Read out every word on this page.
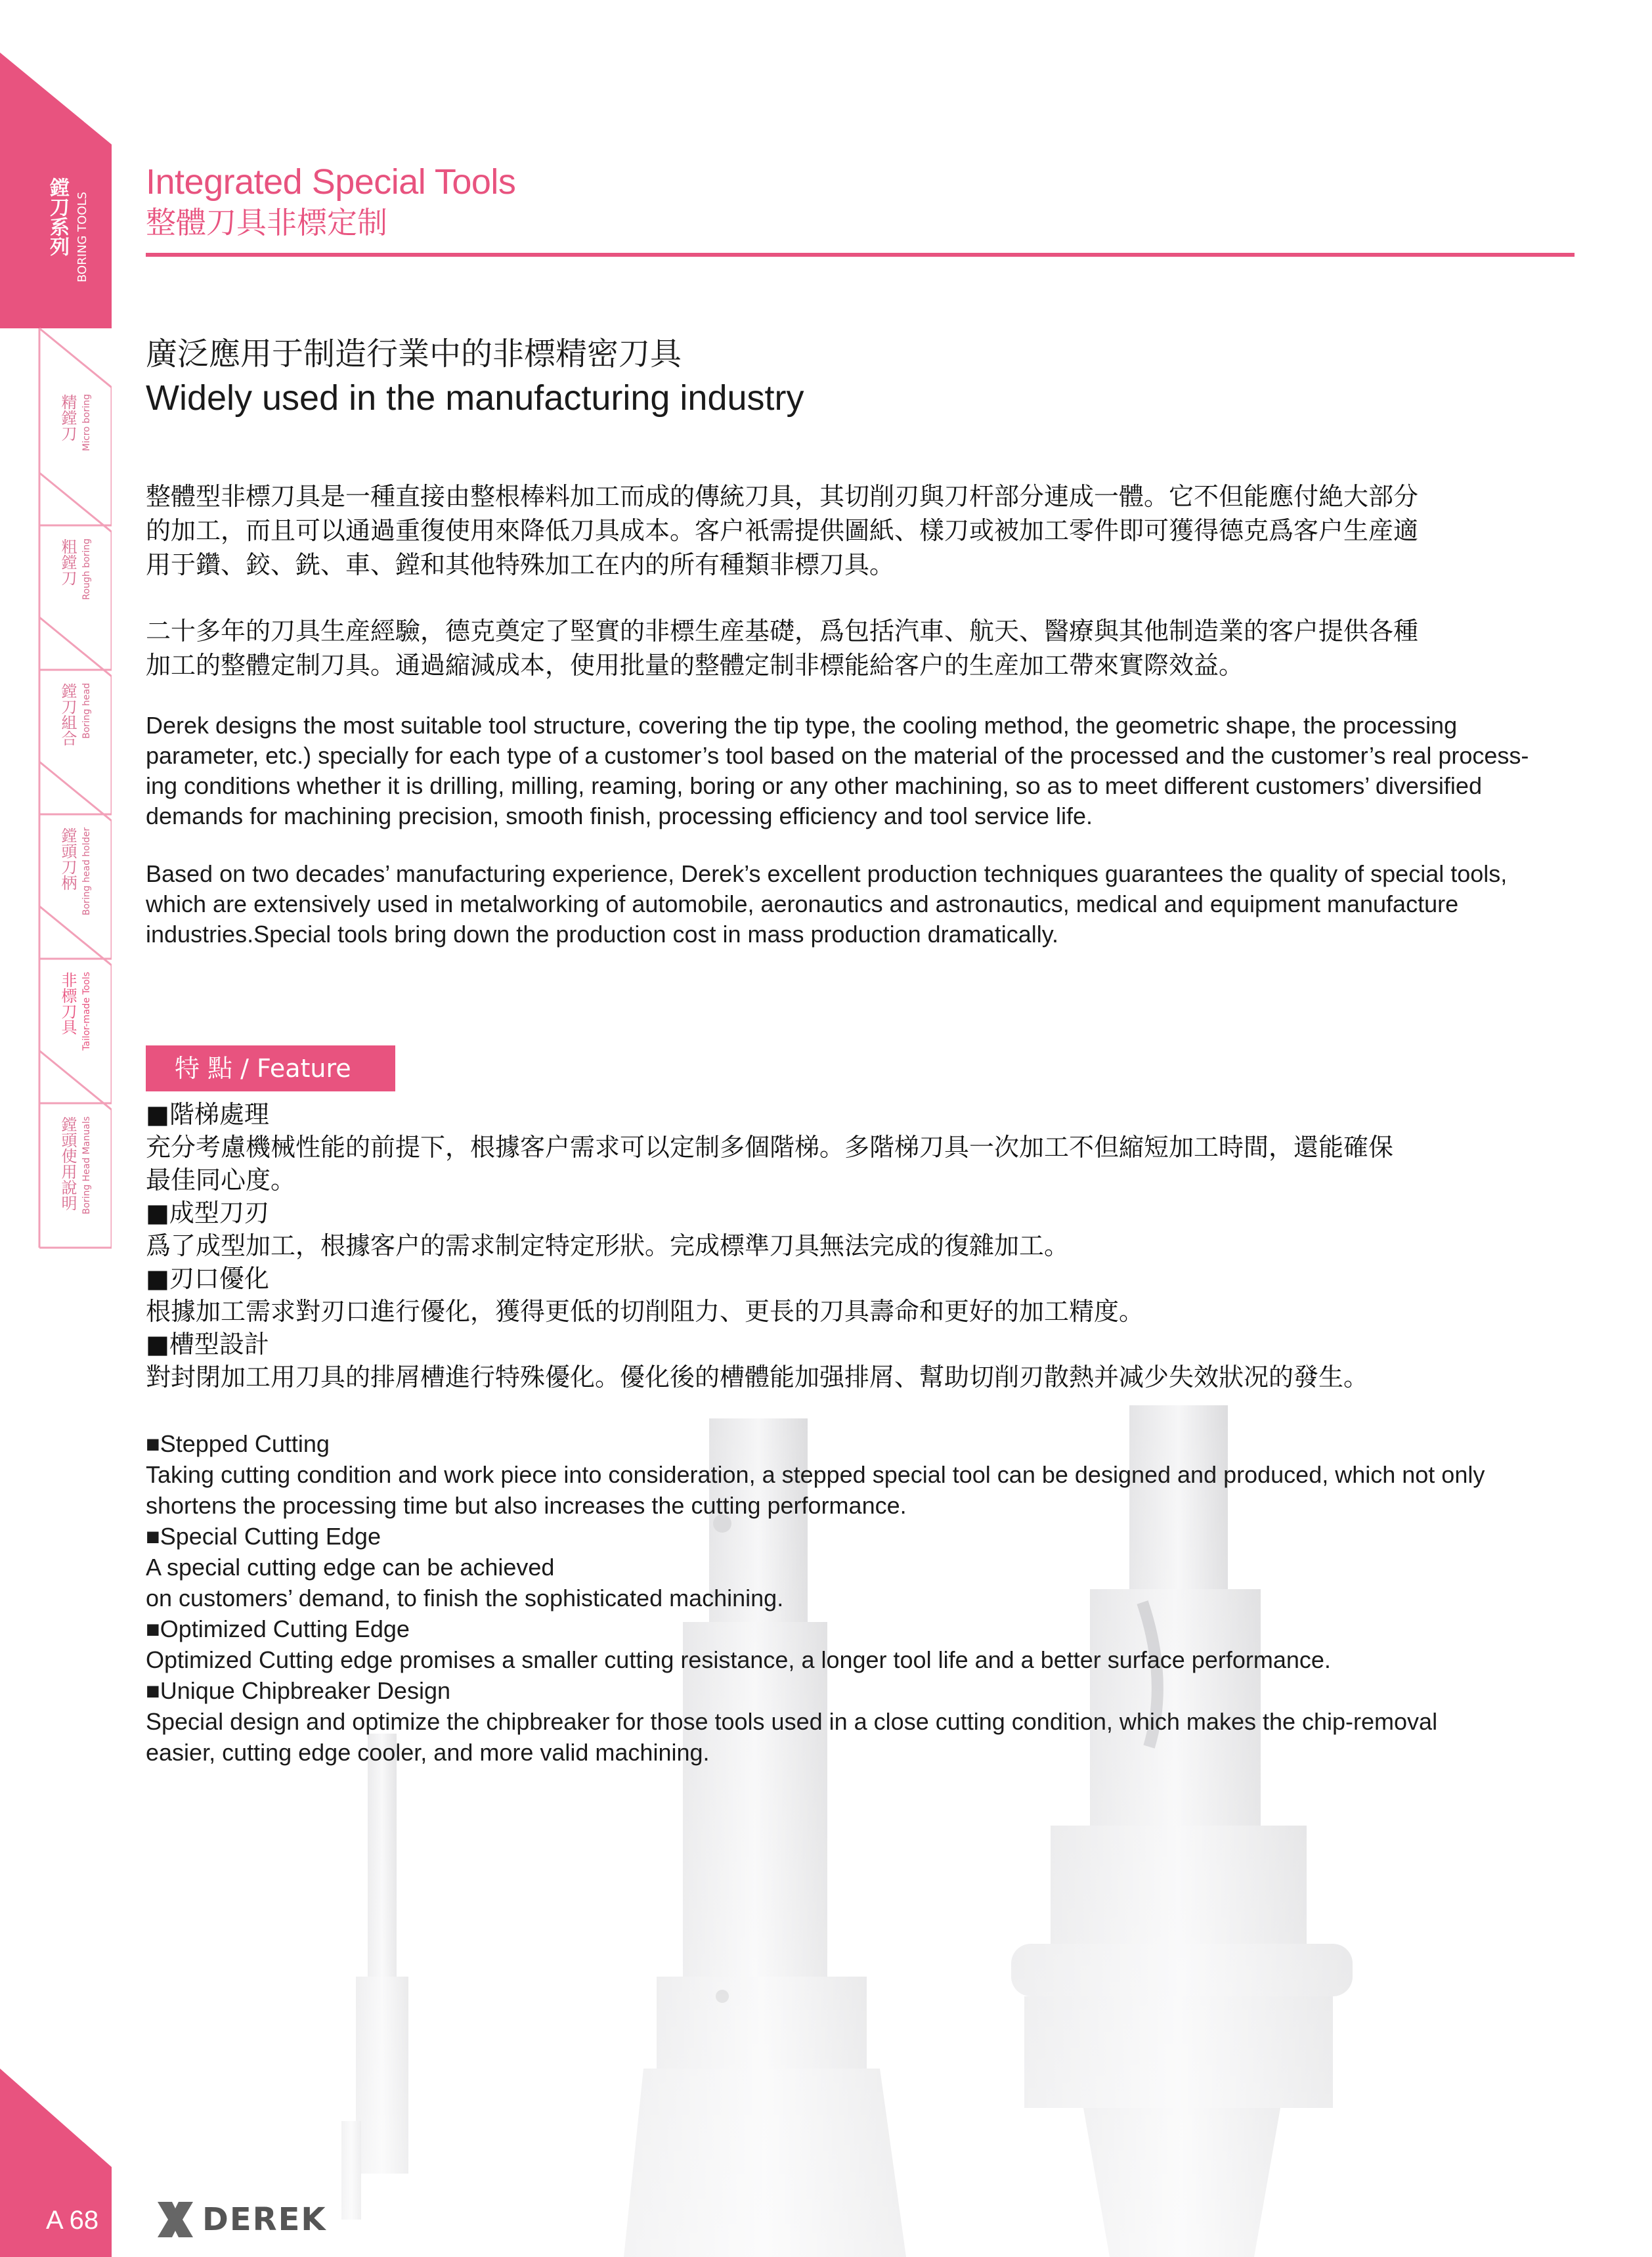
鏜刀系列 BORING TOOLS
精鏜刀 Micro boring
粗鏜刀 Rough boring
鏜刀組合 Boring head
鏜頭刀柄 Boring head holder
非標刀具 Tailor-made Tools
鏜頭使用說明 Boring Head Manuals
Integrated Special Tools
整體刀具非標定制
廣泛應用于制造行業中的非標精密刀具
Widely used in the manufacturing industry
整體型非標刀具是一種直接由整根棒料加工而成的傳統刀具，其切削刃與刀杆部分連成一體。它不但能應付絶大部分
的加工，而且可以通過重復使用來降低刀具成本。客户衹需提供圖紙、樣刀或被加工零件即可獲得德克爲客户生産適
用于鑽、鉸、銑、車、鏜和其他特殊加工在内的所有種類非標刀具。
二十多年的刀具生産經驗，德克奠定了堅實的非標生産基礎，爲包括汽車、航天、醫療與其他制造業的客户提供各種
加工的整體定制刀具。通過縮減成本，使用批量的整體定制非標能給客户的生産加工帶來實際效益。
Derek designs the most suitable tool structure, covering the tip type, the cooling method, the geometric shape, the processing
parameter, etc.) specially for each type of a customer’s tool based on the material of the processed and the customer’s real process-
ing conditions whether it is drilling, milling, reaming, boring or any other machining, so as to meet different customers’ diversified
demands for machining precision, smooth finish, processing efficiency and tool service life.
Based on two decades’ manufacturing experience, Derek’s excellent production techniques guarantees the quality of special tools,
which are extensively used in metalworking of automobile, aeronautics and astronautics, medical and equipment manufacture
industries.Special tools bring down the production cost in mass production dramatically.
特 點 / Feature
■ 階梯處理
充分考慮機械性能的前提下，根據客户需求可以定制多個階梯。多階梯刀具一次加工不但縮短加工時間，還能確保
最佳同心度。
■ 成型刀刃
爲了成型加工，根據客户的需求制定特定形狀。完成標準刀具無法完成的復雜加工。
■ 刃口優化
根據加工需求對刃口進行優化，獲得更低的切削阻力、更長的刀具壽命和更好的加工精度。
■ 槽型設計
對封閉加工用刀具的排屑槽進行特殊優化。優化後的槽體能加强排屑、幫助切削刃散熱并减少失效狀况的發生。
■ Stepped Cutting
Taking cutting condition and work piece into consideration, a stepped special tool can be designed and produced, which not only
shortens the processing time but also increases the cutting performance.
■ Special Cutting Edge
A special cutting edge can be achieved
on customers’ demand, to finish the sophisticated machining.
■ Optimized Cutting Edge
Optimized Cutting edge promises a smaller cutting resistance, a longer tool life and a better surface performance.
■ Unique Chipbreaker Design
Special design and optimize the chipbreaker for those tools used in a close cutting condition, which makes the chip-removal
easier, cutting edge cooler, and more valid machining.
A 68	DEREK
